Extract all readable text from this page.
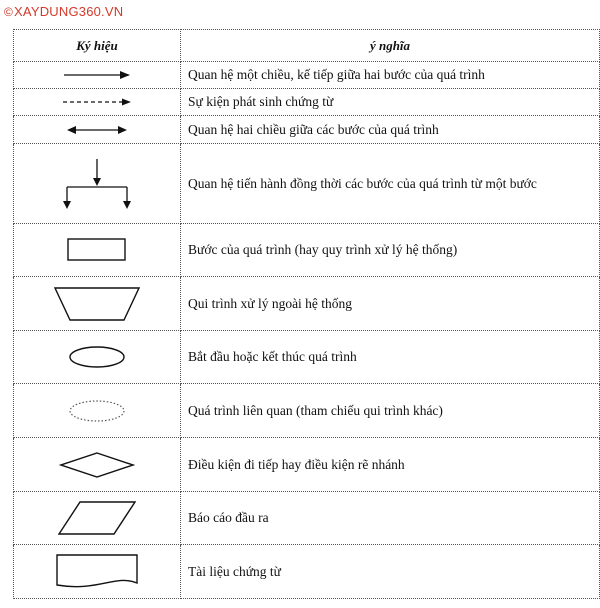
©XAYDUNG360.VN
Ký hiệu	ý nghĩa

	Quan hệ một chiều, kế tiếp giữa hai bước của quá trình

	Sự kiện phát sinh chứng từ

	Quan hệ hai chiều giữa các bước của quá trình

	Quan hệ tiến hành đồng thời các bước của quá trình từ một bước

	Bước của quá trình (hay quy trình xử lý hệ thống)

	Qui trình xử lý ngoài hệ thống

	Bắt đầu hoặc kết thúc quá trình

	Quá trình liên quan (tham chiếu qui trình khác)

	Điều kiện đi tiếp hay điều kiện rẽ nhánh

	Báo cáo đầu ra

	Tài liệu chứng từ
